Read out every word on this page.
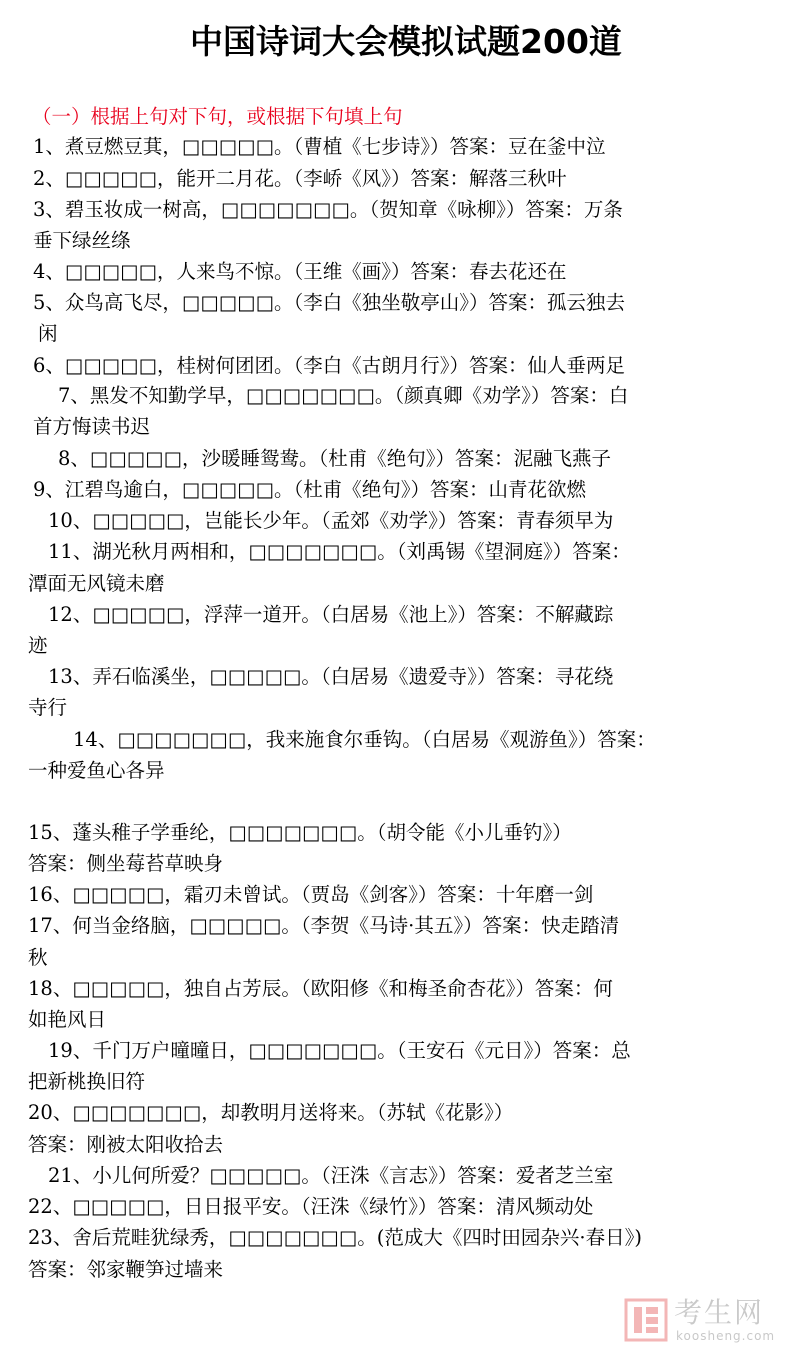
中国诗词大会模拟试题200道
（一）根据上句对下句，或根据下句填上句
1、煮豆燃豆萁，□□□□□。（曹植《七步诗》）答案：豆在釜中泣
2、□□□□□，能开二月花。（李峤《风》）答案：解落三秋叶
3、碧玉妆成一树高，□□□□□□□。（贺知章《咏柳》）答案：万条
垂下绿丝绦
4、□□□□□，人来鸟不惊。（王维《画》）答案：春去花还在
5、众鸟高飞尽，□□□□□。（李白《独坐敬亭山》）答案：孤云独去
闲
6、□□□□□，桂树何团团。（李白《古朗月行》）答案：仙人垂两足
7、黑发不知勤学早，□□□□□□□。（颜真卿《劝学》）答案：白
首方悔读书迟
8、□□□□□，沙暖睡鸳鸯。（杜甫《绝句》）答案：泥融飞燕子
9、江碧鸟逾白，□□□□□。（杜甫《绝句》）答案：山青花欲燃
10、□□□□□，岂能长少年。（孟郊《劝学》）答案：青春须早为
11、湖光秋月两相和，□□□□□□□。（刘禹锡《望洞庭》）答案：
潭面无风镜未磨
12、□□□□□，浮萍一道开。（白居易《池上》）答案：不解藏踪
迹
13、弄石临溪坐，□□□□□。（白居易《遗爱寺》）答案：寻花绕
寺行
14、□□□□□□□，我来施食尔垂钩。（白居易《观游鱼》）答案：
一种爱鱼心各异
15、蓬头稚子学垂纶，□□□□□□□。（胡令能《小儿垂钓》）
答案：侧坐莓苔草映身
16、□□□□□，霜刃未曾试。（贾岛《剑客》）答案：十年磨一剑
17、何当金络脑，□□□□□。（李贺《马诗·其五》）答案：快走踏清
秋
18、□□□□□，独自占芳辰。（欧阳修《和梅圣俞杏花》）答案：何
如艳风日
19、千门万户曈曈日，□□□□□□□。（王安石《元日》）答案：总
把新桃换旧符
20、□□□□□□□，却教明月送将来。（苏轼《花影》）
答案：刚被太阳收拾去
21、小儿何所爱？□□□□□。（汪洙《言志》）答案：爱者芝兰室
22、□□□□□，日日报平安。（汪洙《绿竹》）答案：清风频动处
23、舍后荒畦犹绿秀，□□□□□□□。(范成大《四时田园杂兴·春日》)
答案：邻家鞭笋过墙来
考生网
koosheng.com
